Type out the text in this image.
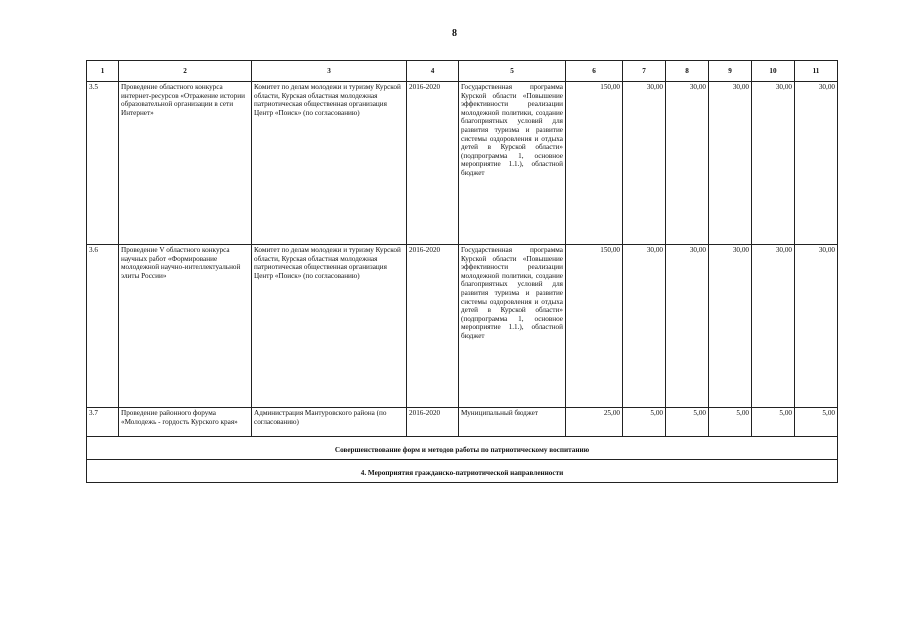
8
1	2	3	4	5	6	7	8	9	10	11
3.5	Проведение областного конкурса интернет-ресурсов «Отражение истории образовательной организации в сети Интернет»	Комитет по делам молодежи и туризму Курской области, Курская областная молодежная патриотическая общественная организация Центр «Поиск» (по согласованию)	2016-2020	Государственная программа Курской области «Повышение эффективности реализации молодежной политики, создание благоприятных условий для развития туризма и развитие системы оздоровления и отдыха детей в Курской области» (подпрограмма 1, основное мероприятие 1.1.), областной бюджет	150,00	30,00	30,00	30,00	30,00	30,00
3.6	Проведение V областного конкурса научных работ «Формирование молодежной научно-интеллектуальной элиты России»	Комитет по делам молодежи и туризму Курской области, Курская областная молодежная патриотическая общественная организация Центр «Поиск» (по согласованию)	2016-2020	Государственная программа Курской области «Повышение эффективности реализации молодежной политики, создание благоприятных условий для развития туризма и развитие системы оздоровления и отдыха детей в Курской области» (подпрограмма 1, основное мероприятие 1.1.), областной бюджет	150,00	30,00	30,00	30,00	30,00	30,00
3.7	Проведение районного форума «Молодежь - гордость Курского края»	Администрация Мантуровского района (по согласованию)	2016-2020	Муниципальный бюджет	25,00	5,00	5,00	5,00	5,00	5,00
Совершенствование форм и методов работы по патриотическому воспитанию										
4. Мероприятия гражданско-патриотической направленности										
